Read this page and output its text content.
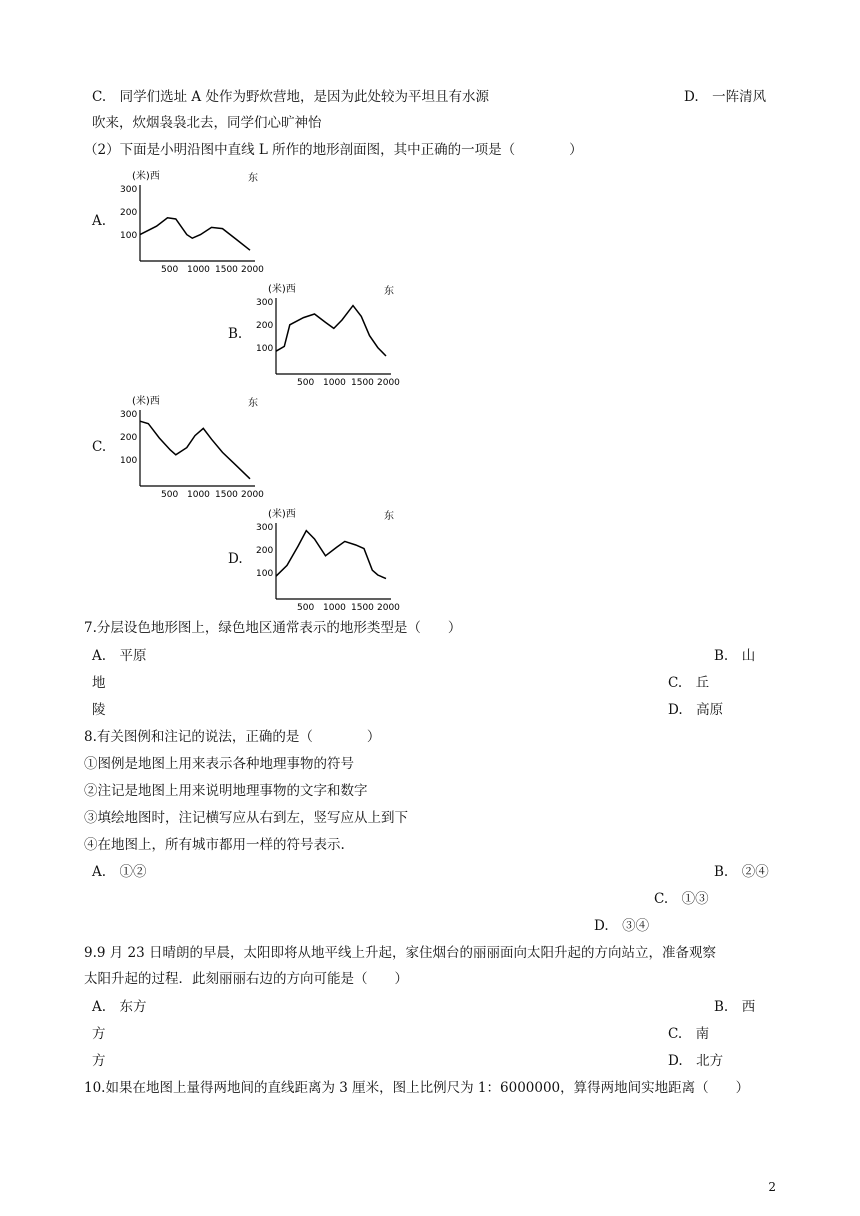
C.　同学们选址 A 处作为野炊营地，是因为此处较为平坦且有水源	D.　一阵清风
吹来，炊烟袅袅北去，同学们心旷神怡
（2）下面是小明沿图中直线 L 所作的地形剖面图，其中正确的一项是（　　　　）
A.
(米)西	东
300
200
100
500 1000 1500 2000
B.
(米)西	东
300
200
100
500 1000 1500 2000
C.
(米)西	东
300
200
100
500 1000 1500 2000
D.
(米)西	东
300
200
100
500 1000 1500 2000
7.分层设色地形图上，绿色地区通常表示的地形类型是（　　）
A.　平原	B.　山
地	C.　丘
陵	D.　高原
8.有关图例和注记的说法，正确的是（　　　　）
①图例是地图上用来表示各种地理事物的符号
②注记是地图上用来说明地理事物的文字和数字
③填绘地图时，注记横写应从右到左，竖写应从上到下
④在地图上，所有城市都用一样的符号表示.
A.　①②	B.　②④
C.　①③
D.　③④
9.9 月 23 日晴朗的早晨，太阳即将从地平线上升起，家住烟台的丽丽面向太阳升起的方向站立，准备观察
太阳升起的过程．此刻丽丽右边的方向可能是（　　）
A.　东方	B.　西
方	C.　南
方	D.　北方
10.如果在地图上量得两地间的直线距离为 3 厘米，图上比例尺为 1：6000000，算得两地间实地距离（　　）
2
